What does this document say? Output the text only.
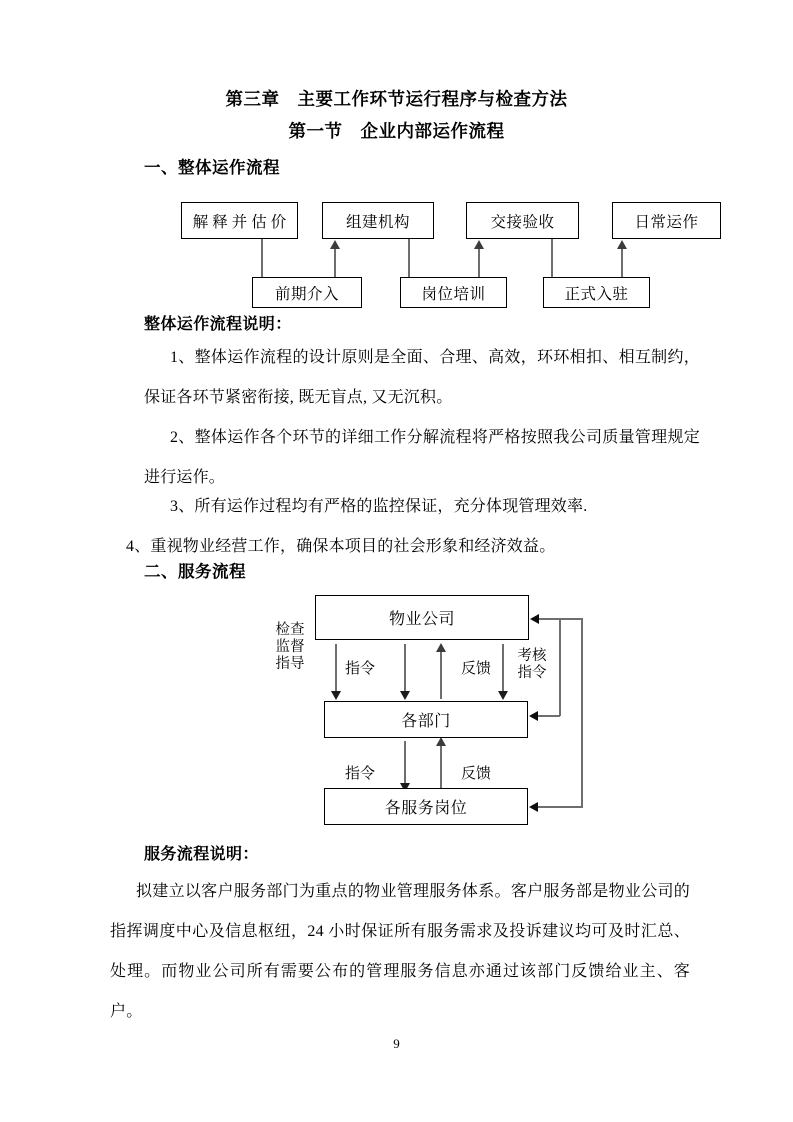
第三章　主要工作环节运行程序与检查方法
第一节　企业内部运作流程
一、整体运作流程
解释并估价	组建机构	交接验收	日常运作
前期介入	岗位培训	正式入驻
整体运作流程说明：
1、整体运作流程的设计原则是全面、合理、高效，环环相扣、相互制约，保证各环节紧密衔接, 既无盲点, 又无沉积。
2、整体运作各个环节的详细工作分解流程将严格按照我公司质量管理规定进行运作。
3、所有运作过程均有严格的监控保证，充分体现管理效率.
4、重视物业经营工作，确保本项目的社会形象和经济效益。
二、服务流程
物业公司
各部门
各服务岗位
检查
监督
指导	指令	反馈
考核
指令
指令	反馈
服务流程说明：
拟建立以客户服务部门为重点的物业管理服务体系。客户服务部是物业公司的指挥调度中心及信息枢纽，24 小时保证所有服务需求及投诉建议均可及时汇总、处理。而物业公司所有需要公布的管理服务信息亦通过该部门反馈给业主、客户。
9
